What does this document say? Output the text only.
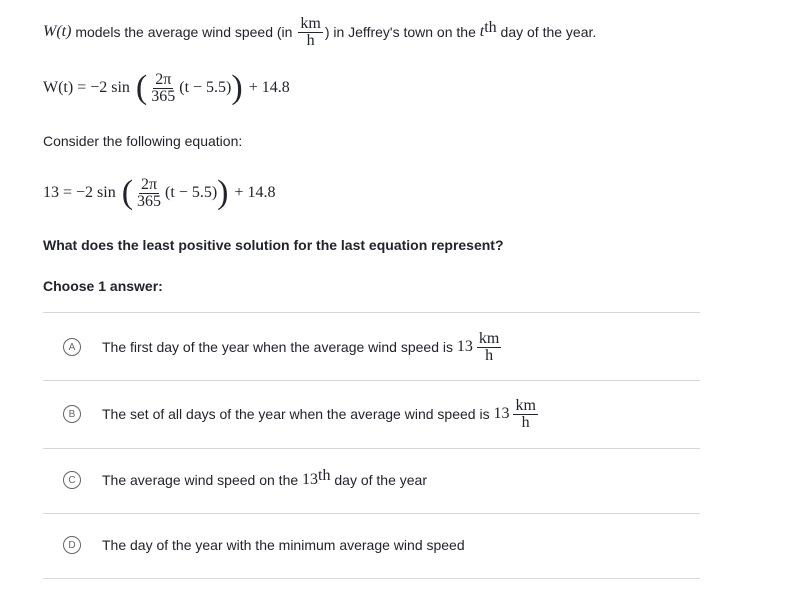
W(t) models the average wind speed ($in \frac{km}{h}$ ) in Jeffrey's town on the $t^{th}$ day of the year.
W(t) = −2 sin ( $\frac{2\pi}{365} (t - 5.5)$ ) + 14.8
Consider the following equation:
13 = −2 sin ( $\frac{2\pi}{365} (t - 5.5)$ ) + 14.8
What does the least positive solution for the last equation represent?
Choose 1 answer:
A	The first day of the year when the average wind speed is $13 \frac{km}{h}$
B	The set of all days of the year when the average wind speed is $13 \frac{km}{h}$
C	The average wind speed on the 13th day of the year
D	The day of the year with the minimum average wind speed
